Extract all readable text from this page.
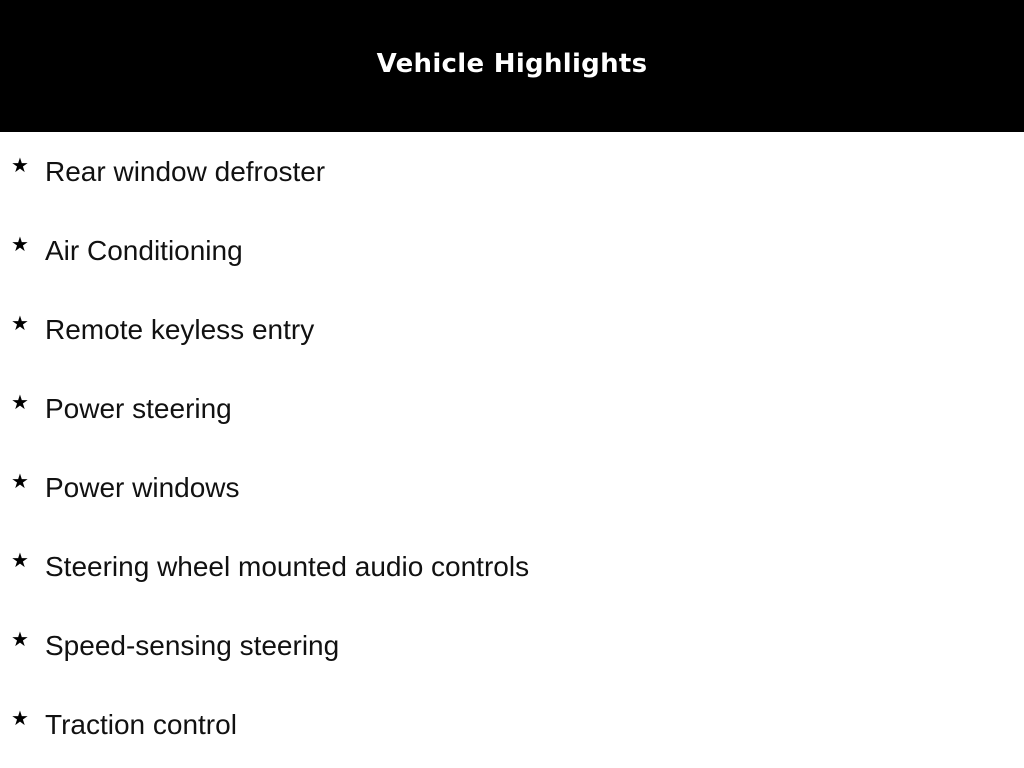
Vehicle Highlights
★ Rear window defroster
★ Air Conditioning
★ Remote keyless entry
★ Power steering
★ Power windows
★ Steering wheel mounted audio controls
★ Speed-sensing steering
★ Traction control
